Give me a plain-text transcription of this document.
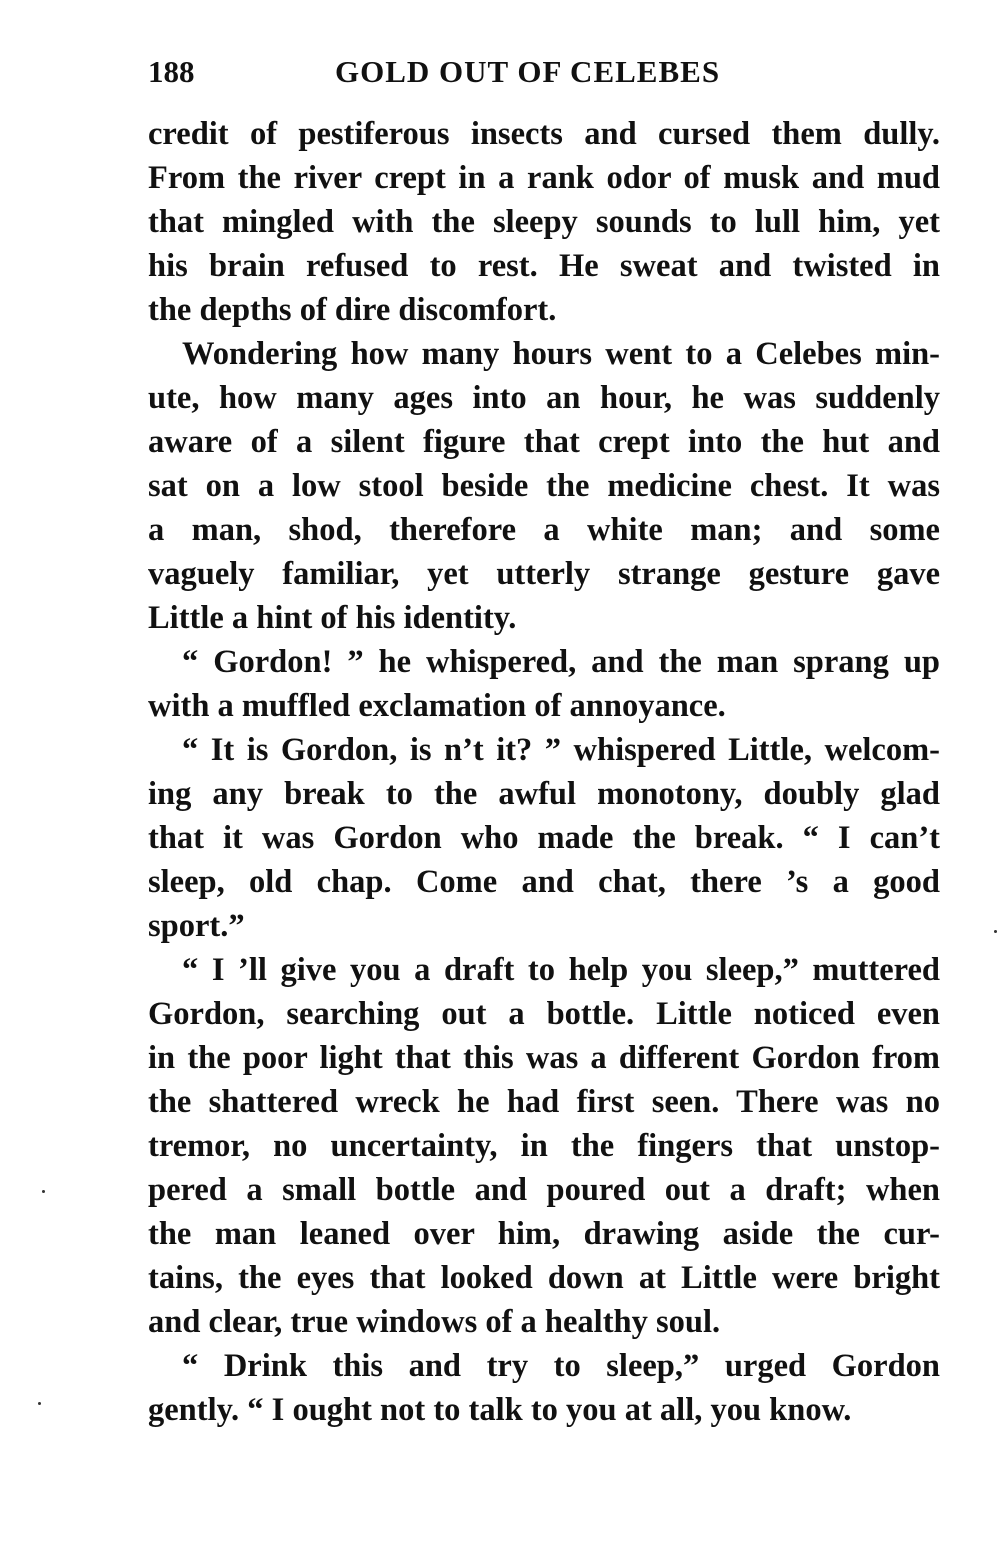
188	GOLD OUT OF CELEBES
credit of pestiferous insects and cursed them dully.
From the river crept in a rank odor of musk and mud
that mingled with the sleepy sounds to lull him, yet
his brain refused to rest. He sweat and twisted in
the depths of dire discomfort.
Wondering how many hours went to a Celebes min-
ute, how many ages into an hour, he was suddenly
aware of a silent figure that crept into the hut and
sat on a low stool beside the medicine chest. It was
a man, shod, therefore a white man; and some
vaguely familiar, yet utterly strange gesture gave
Little a hint of his identity.
“ Gordon! ” he whispered, and the man sprang up
with a muffled exclamation of annoyance.
“ It is Gordon, is n’t it? ” whispered Little, welcom-
ing any break to the awful monotony, doubly glad
that it was Gordon who made the break. “ I can’t
sleep, old chap. Come and chat, there ’s a good
sport.”
“ I ’ll give you a draft to help you sleep,” muttered
Gordon, searching out a bottle. Little noticed even
in the poor light that this was a different Gordon from
the shattered wreck he had first seen. There was no
tremor, no uncertainty, in the fingers that unstop-
pered a small bottle and poured out a draft; when
the man leaned over him, drawing aside the cur-
tains, the eyes that looked down at Little were bright
and clear, true windows of a healthy soul.
“ Drink this and try to sleep,” urged Gordon
gently. “ I ought not to talk to you at all, you know.
